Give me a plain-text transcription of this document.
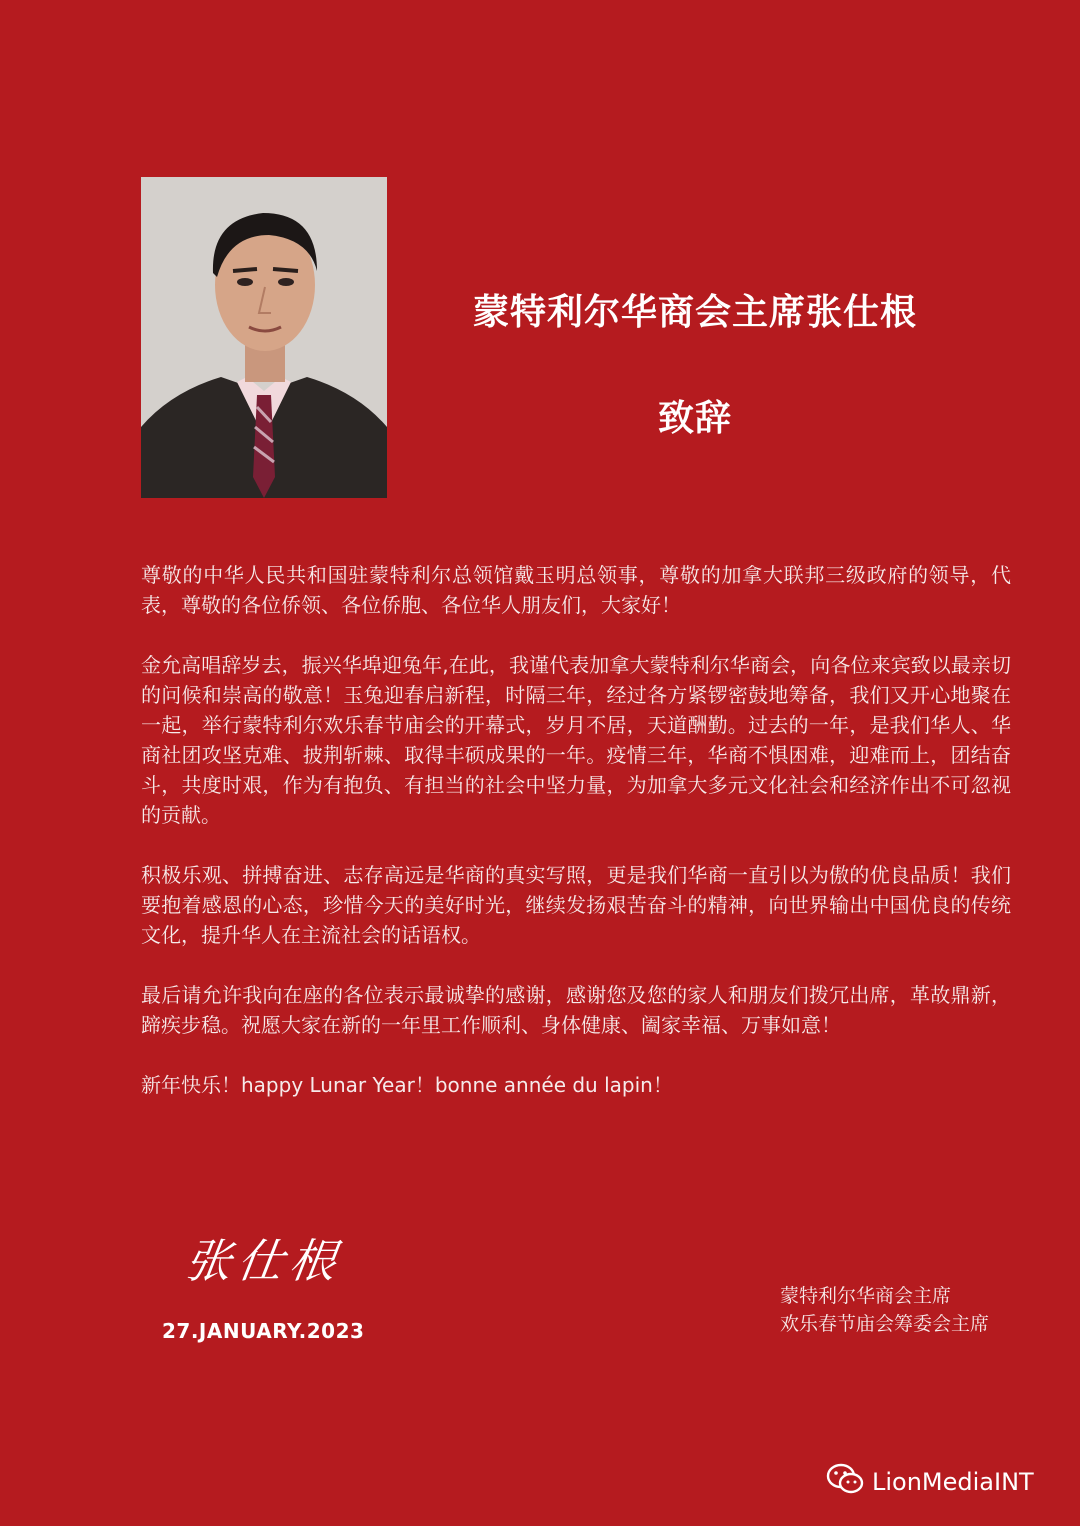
蒙特利尔华商会主席张仕根
致辞

尊敬的中华人民共和国驻蒙特利尔总领馆戴玉明总领事，尊敬的加拿大联邦三级政府的领导，代表，尊敬的各位侨领、各位侨胞、各位华人朋友们，大家好！

金允高唱辞岁去，振兴华埠迎兔年,在此，我谨代表加拿大蒙特利尔华商会，向各位来宾致以最亲切的问候和崇高的敬意！玉兔迎春启新程，时隔三年，经过各方紧锣密鼓地筹备，我们又开心地聚在一起，举行蒙特利尔欢乐春节庙会的开幕式，岁月不居，天道酬勤。过去的一年，是我们华人、华商社团攻坚克难、披荆斩棘、取得丰硕成果的一年。疫情三年，华商不惧困难，迎难而上，团结奋斗，共度时艰，作为有抱负、有担当的社会中坚力量，为加拿大多元文化社会和经济作出不可忽视的贡献。

积极乐观、拼搏奋进、志存高远是华商的真实写照，更是我们华商一直引以为傲的优良品质！我们要抱着感恩的心态，珍惜今天的美好时光，继续发扬艰苦奋斗的精神，向世界输出中国优良的传统文化，提升华人在主流社会的话语权。

最后请允许我向在座的各位表示最诚挚的感谢，感谢您及您的家人和朋友们拨冗出席，革故鼎新，蹄疾步稳。祝愿大家在新的一年里工作顺利、身体健康、阖家幸福、万事如意！

新年快乐！happy Lunar Year！bonne année du lapin！

张仕根
27.JANUARY.2023
蒙特利尔华商会主席
欢乐春节庙会筹委会主席
LionMediaINT
